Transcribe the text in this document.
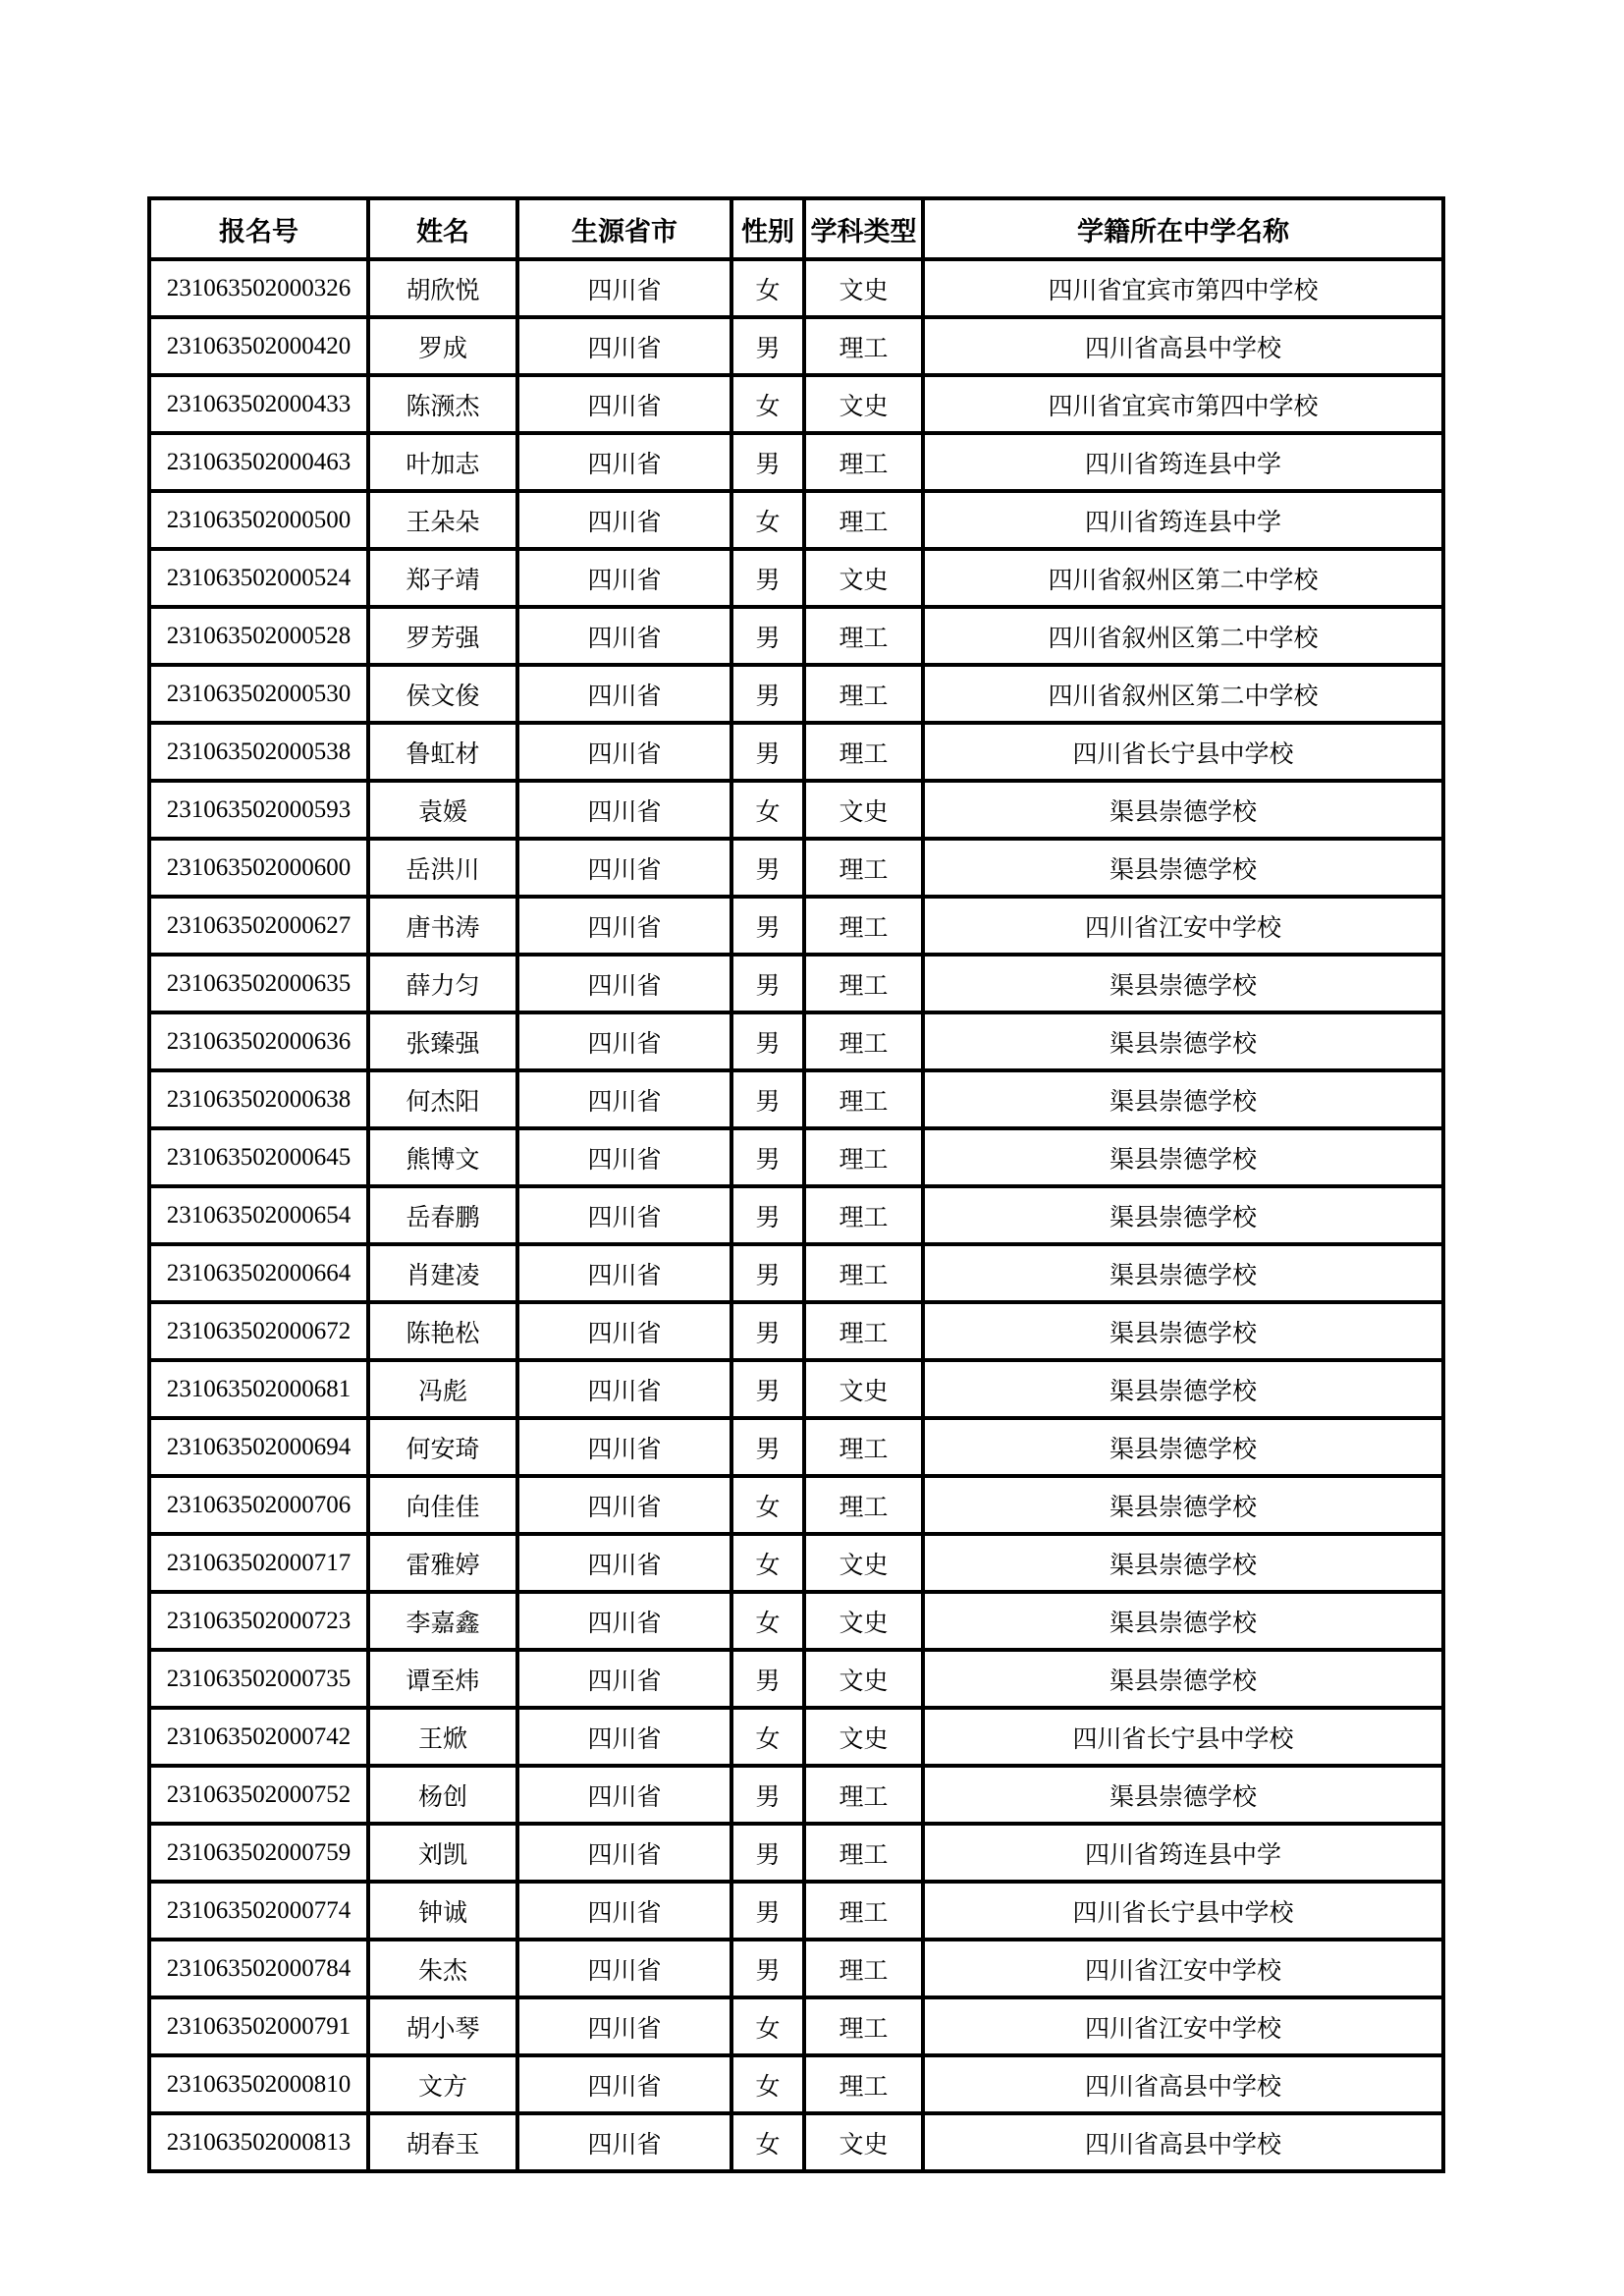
报名号	姓名	生源省市	性别	学科类型	学籍所在中学名称
231063502000326	胡欣悦	四川省	女	文史	四川省宜宾市第四中学校
231063502000420	罗成	四川省	男	理工	四川省高县中学校
231063502000433	陈滪杰	四川省	女	文史	四川省宜宾市第四中学校
231063502000463	叶加志	四川省	男	理工	四川省筠连县中学
231063502000500	王朵朵	四川省	女	理工	四川省筠连县中学
231063502000524	郑子靖	四川省	男	文史	四川省叙州区第二中学校
231063502000528	罗芳强	四川省	男	理工	四川省叙州区第二中学校
231063502000530	侯文俊	四川省	男	理工	四川省叙州区第二中学校
231063502000538	鲁虹材	四川省	男	理工	四川省长宁县中学校
231063502000593	袁媛	四川省	女	文史	渠县崇德学校
231063502000600	岳洪川	四川省	男	理工	渠县崇德学校
231063502000627	唐书涛	四川省	男	理工	四川省江安中学校
231063502000635	薛力匀	四川省	男	理工	渠县崇德学校
231063502000636	张臻强	四川省	男	理工	渠县崇德学校
231063502000638	何杰阳	四川省	男	理工	渠县崇德学校
231063502000645	熊博文	四川省	男	理工	渠县崇德学校
231063502000654	岳春鹏	四川省	男	理工	渠县崇德学校
231063502000664	肖建凌	四川省	男	理工	渠县崇德学校
231063502000672	陈艳松	四川省	男	理工	渠县崇德学校
231063502000681	冯彪	四川省	男	文史	渠县崇德学校
231063502000694	何安琦	四川省	男	理工	渠县崇德学校
231063502000706	向佳佳	四川省	女	理工	渠县崇德学校
231063502000717	雷雅婷	四川省	女	文史	渠县崇德学校
231063502000723	李嘉鑫	四川省	女	文史	渠县崇德学校
231063502000735	谭至炜	四川省	男	文史	渠县崇德学校
231063502000742	王焮	四川省	女	文史	四川省长宁县中学校
231063502000752	杨创	四川省	男	理工	渠县崇德学校
231063502000759	刘凯	四川省	男	理工	四川省筠连县中学
231063502000774	钟诚	四川省	男	理工	四川省长宁县中学校
231063502000784	朱杰	四川省	男	理工	四川省江安中学校
231063502000791	胡小琴	四川省	女	理工	四川省江安中学校
231063502000810	文方	四川省	女	理工	四川省高县中学校
231063502000813	胡春玉	四川省	女	文史	四川省高县中学校
